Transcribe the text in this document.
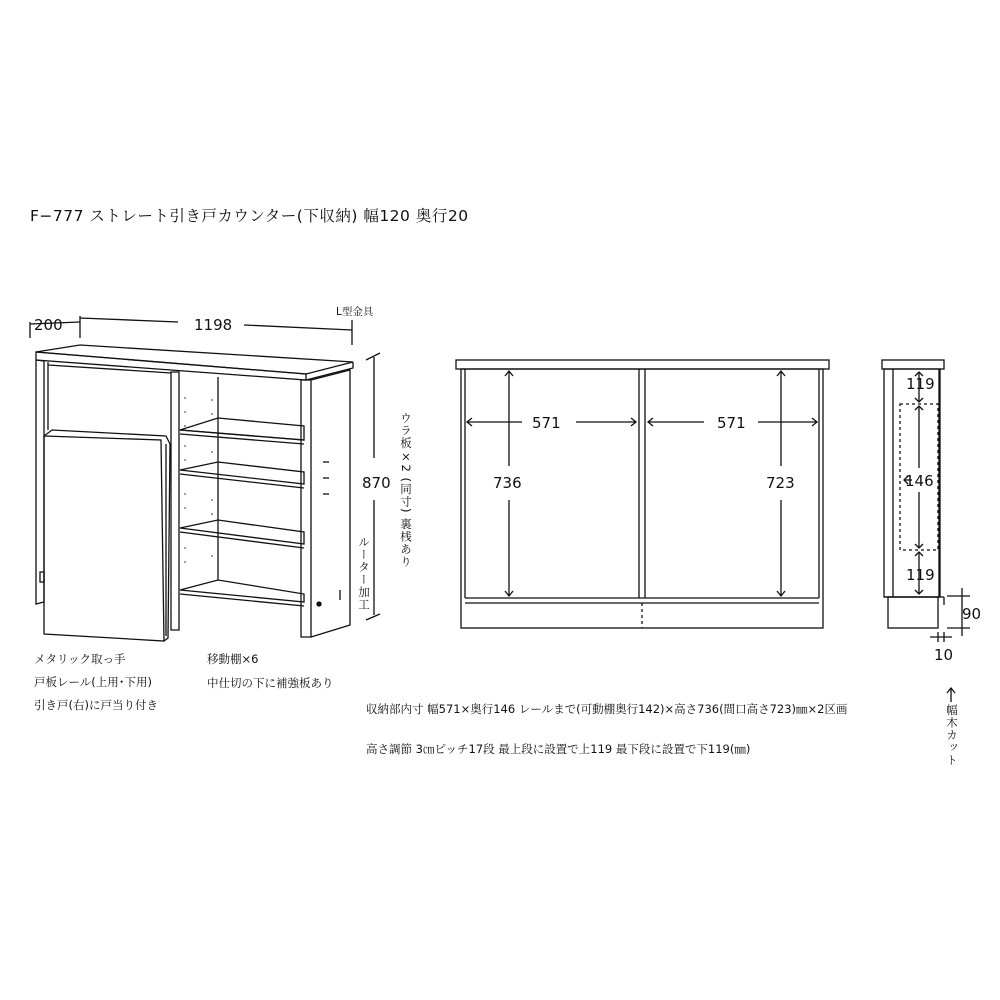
F−777 ストレート引き戸カウンター(下収納) 幅120 奥行20
200	1198
870
571	571
736	723
119
146
119
90
10
L型金具
ウラ板×2 (同寸) 裏桟あり
ルーター加工
メタリック取っ手
戸板レール(上用･下用)
引き戸(右)に戸当り付き
移動棚×6
中仕切の下に補強板あり
収納部内寸 幅571×奥行146 レールまで(可動棚奥行142)×高さ736(間口高さ723)㎜×2区画
高さ調節 3㎝ピッチ17段 最上段に設置で上119 最下段に設置で下119(㎜)	幅木カット
